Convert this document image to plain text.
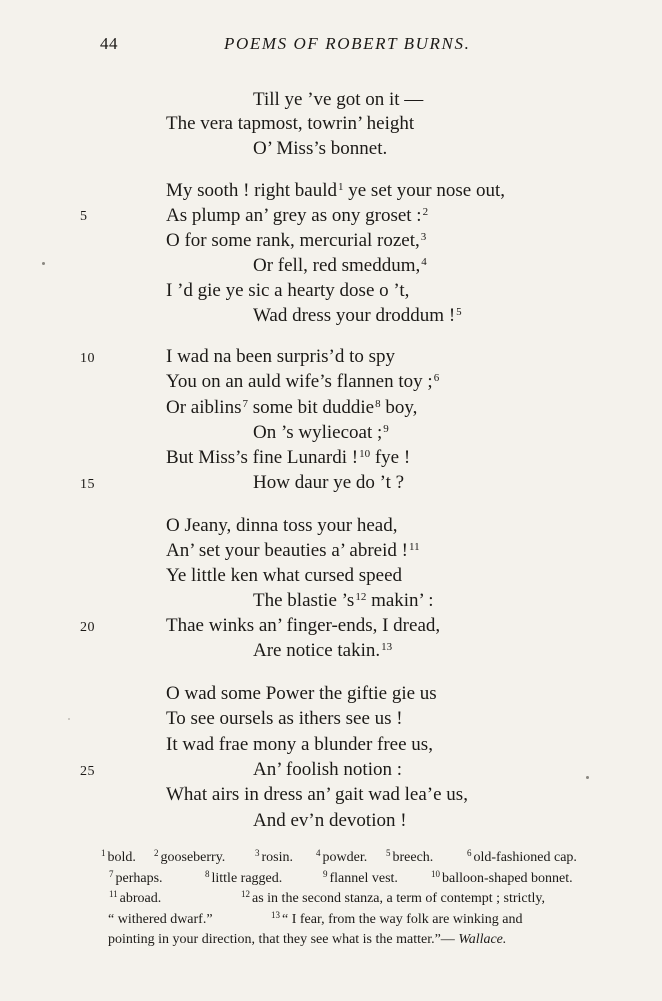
44	POEMS OF ROBERT BURNS.
Till ye ’ve got on it —
The vera tapmost, towrin’ height
O’ Miss’s bonnet.
My sooth ! right bauld$^1$ ye set your nose out,
5	As plump an’ grey as ony groset :$^2$
O for some rank, mercurial rozet,$^3$
Or fell, red smeddum,$^4$
I ’d gie ye sic a hearty dose o ’t,
Wad dress your droddum !$^5$
10	I wad na been surpris’d to spy
You on an auld wife’s flannen toy ;$^6$
Or aiblins$^7$ some bit duddie$^8$ boy,
On ’s wyliecoat ;$^9$
But Miss’s fine Lunardi !$^{10}$ fye !
15	How daur ye do ’t ?
O Jeany, dinna toss your head,
An’ set your beauties a’ abreid !$^{11}$
Ye little ken what cursed speed
The blastie $’s^{12}$ makin’ :
20	Thae winks an’ finger-ends, I dread,
Are notice takin.$^{13}$
O wad some Power the giftie gie us
To see oursels as ithers see us !
It wad frae mony a blunder free us,
25	An’ foolish notion :
What airs in dress an’ gait wad lea’e us,
And ev’n devotion !
$^1$ bold. $^2$ gooseberry.	$^3$ rosin.	$^4$ powder. $^5$ breech.	$^6$ old-fashioned cap.
$^7$ perhaps.	$^8$ little ragged.	$^9$ flannel vest.	$^{10}$ balloon-shaped bonnet.
$^{11}$ abroad.	$^{12}$ as in the second stanza, a term of contempt ; strictly,
“ withered dwarf.”	$^{13}$ “ I fear, from the way folk are winking and
pointing in your direction, that they see what is the matter.”— Wallace.
